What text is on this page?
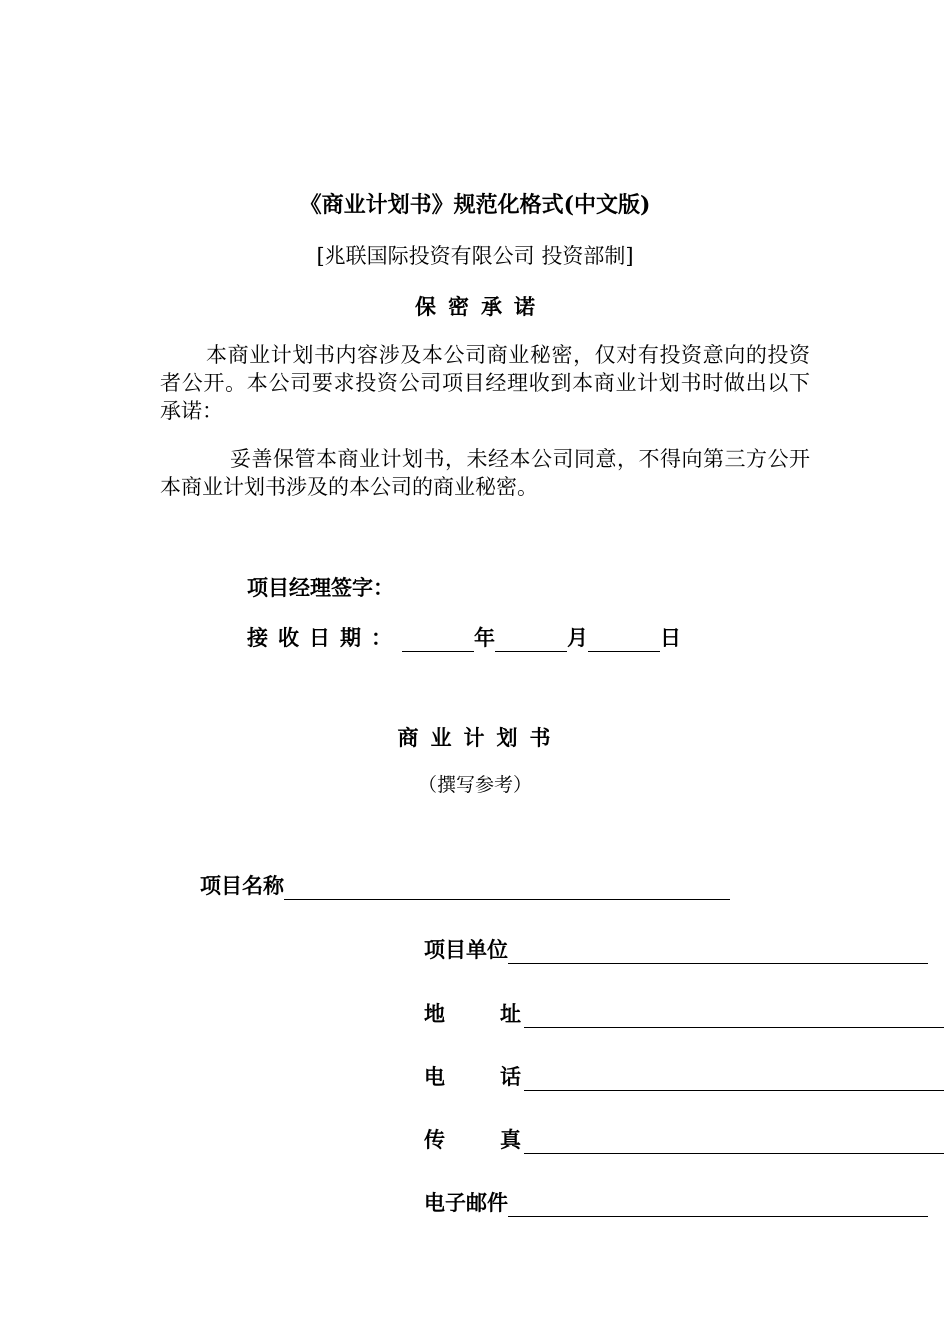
《商业计划书》规范化格式(中文版)
[兆联国际投资有限公司 投资部制]
保密承诺
本商业计划书内容涉及本公司商业秘密，仅对有投资意向的投资者公开。本公司要求投资公司项目经理收到本商业计划书时做出以下承诺：
妥善保管本商业计划书，未经本公司同意，不得向第三方公开本商业计划书涉及的本公司的商业秘密。
项目经理签字：
接收日期：	年	月	日
商业计划书
（撰写参考）
项目名称
项目单位
地	址
电	话
传	真
电子邮件
